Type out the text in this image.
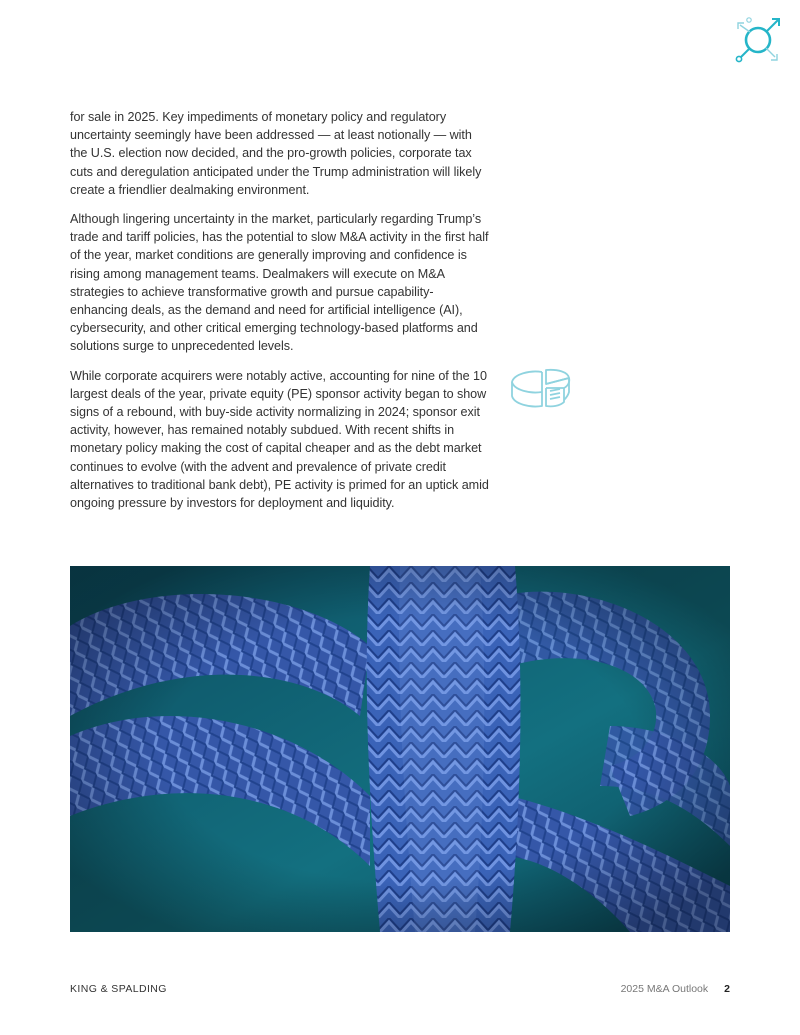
for sale in 2025. Key impediments of monetary policy and regulatory uncertainty seemingly have been addressed — at least notionally — with the U.S. election now decided, and the pro-growth policies, corporate tax cuts and deregulation anticipated under the Trump administration will likely create a friendlier dealmaking environment.

Although lingering uncertainty in the market, particularly regarding Trump’s trade and tariff policies, has the potential to slow M&A activity in the first half of the year, market conditions are generally improving and confidence is rising among management teams. Dealmakers will execute on M&A strategies to achieve transformative growth and pursue capability-enhancing deals, as the demand and need for artificial intelligence (AI), cybersecurity, and other critical emerging technology-based platforms and solutions surge to unprecedented levels.

While corporate acquirers were notably active, accounting for nine of the 10 largest deals of the year, private equity (PE) sponsor activity began to show signs of a rebound, with buy-side activity normalizing in 2024; sponsor exit activity, however, has remained notably subdued. With recent shifts in monetary policy making the cost of capital cheaper and as the debt market continues to evolve (with the advent and prevalence of private credit alternatives to traditional bank debt), PE activity is primed for an uptick amid ongoing pressure by investors for deployment and liquidity.

KING & SPALDING	2025 M&A Outlook 2
